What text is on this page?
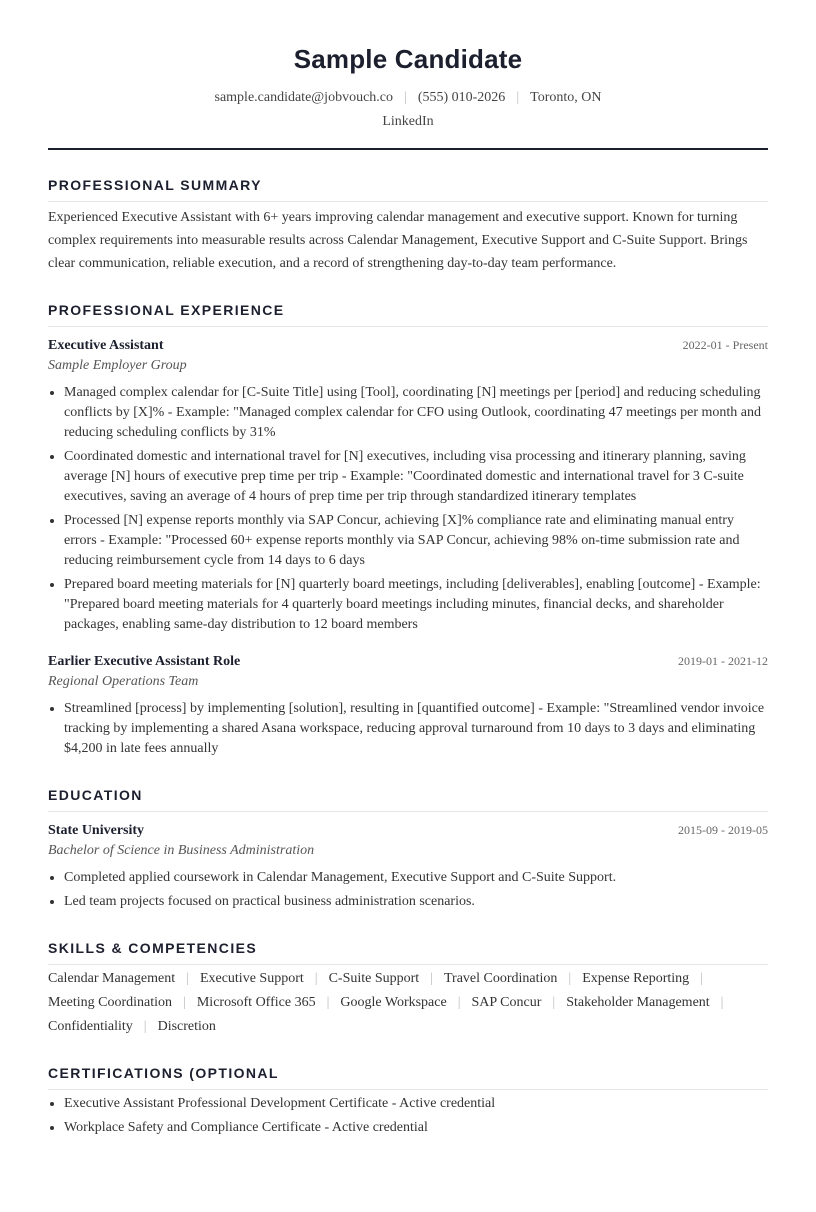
Sample Candidate
sample.candidate@jobvouch.co | (555) 010-2026 | Toronto, ON
LinkedIn
PROFESSIONAL SUMMARY

Experienced Executive Assistant with 6+ years improving calendar management and executive support. Known for turning complex requirements into measurable results across Calendar Management, Executive Support and C-Suite Support. Brings clear communication, reliable execution, and a record of strengthening day-to-day team performance.

PROFESSIONAL EXPERIENCE
Executive Assistant	2022-01 - Present
Sample Employer Group
• Managed complex calendar for [C-Suite Title] using [Tool], coordinating [N] meetings per [period] and reducing scheduling conflicts by [X]% - Example: "Managed complex calendar for CFO using Outlook, coordinating 47 meetings per month and reducing scheduling conflicts by 31%
• Coordinated domestic and international travel for [N] executives, including visa processing and itinerary planning, saving average [N] hours of executive prep time per trip - Example: "Coordinated domestic and international travel for 3 C-suite executives, saving an average of 4 hours of prep time per trip through standardized itinerary templates
• Processed [N] expense reports monthly via SAP Concur, achieving [X]% compliance rate and eliminating manual entry errors - Example: "Processed 60+ expense reports monthly via SAP Concur, achieving 98% on-time submission rate and reducing reimbursement cycle from 14 days to 6 days
• Prepared board meeting materials for [N] quarterly board meetings, including [deliverables], enabling [outcome] - Example: "Prepared board meeting materials for 4 quarterly board meetings including minutes, financial decks, and shareholder packages, enabling same-day distribution to 12 board members
Earlier Executive Assistant Role	2019-01 - 2021-12
Regional Operations Team
• Streamlined [process] by implementing [solution], resulting in [quantified outcome] - Example: "Streamlined vendor invoice tracking by implementing a shared Asana workspace, reducing approval turnaround from 10 days to 3 days and eliminating $4,200 in late fees annually
EDUCATION
State University	2015-09 - 2019-05
Bachelor of Science in Business Administration
• Completed applied coursework in Calendar Management, Executive Support and C-Suite Support.
• Led team projects focused on practical business administration scenarios.
SKILLS & COMPETENCIES
Calendar Management | Executive Support | C-Suite Support | Travel Coordination | Expense Reporting |
Meeting Coordination | Microsoft Office 365 | Google Workspace | SAP Concur | Stakeholder Management |
Confidentiality | Discretion
CERTIFICATIONS (OPTIONAL
• Executive Assistant Professional Development Certificate - Active credential
• Workplace Safety and Compliance Certificate - Active credential
